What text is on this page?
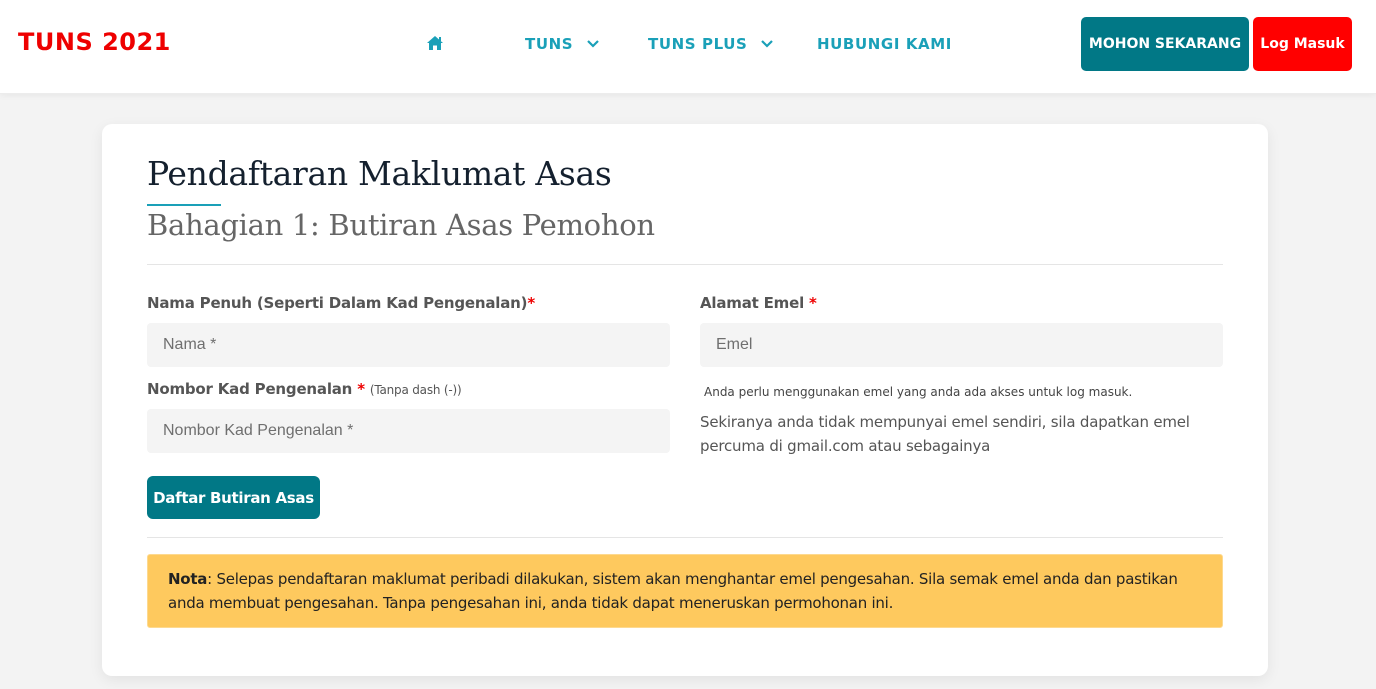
TUNS 2021	TUNS	TUNS PLUS	HUBUNGI KAMI	MOHON SEKARANG	Log Masuk
Pendaftaran Maklumat Asas
Bahagian 1: Butiran Asas Pemohon
Nama Penuh (Seperti Dalam Kad Pengenalan)*
Nama *
Nombor Kad Pengenalan * (Tanpa dash (-))
Nombor Kad Pengenalan *
Alamat Emel *
Emel
Anda perlu menggunakan emel yang anda ada akses untuk log masuk.
Sekiranya anda tidak mempunyai emel sendiri, sila dapatkan emel percuma di gmail.com atau sebagainya
Daftar Butiran Asas
Nota: Selepas pendaftaran maklumat peribadi dilakukan, sistem akan menghantar emel pengesahan. Sila semak emel anda dan pastikan anda membuat pengesahan. Tanpa pengesahan ini, anda tidak dapat meneruskan permohonan ini.
